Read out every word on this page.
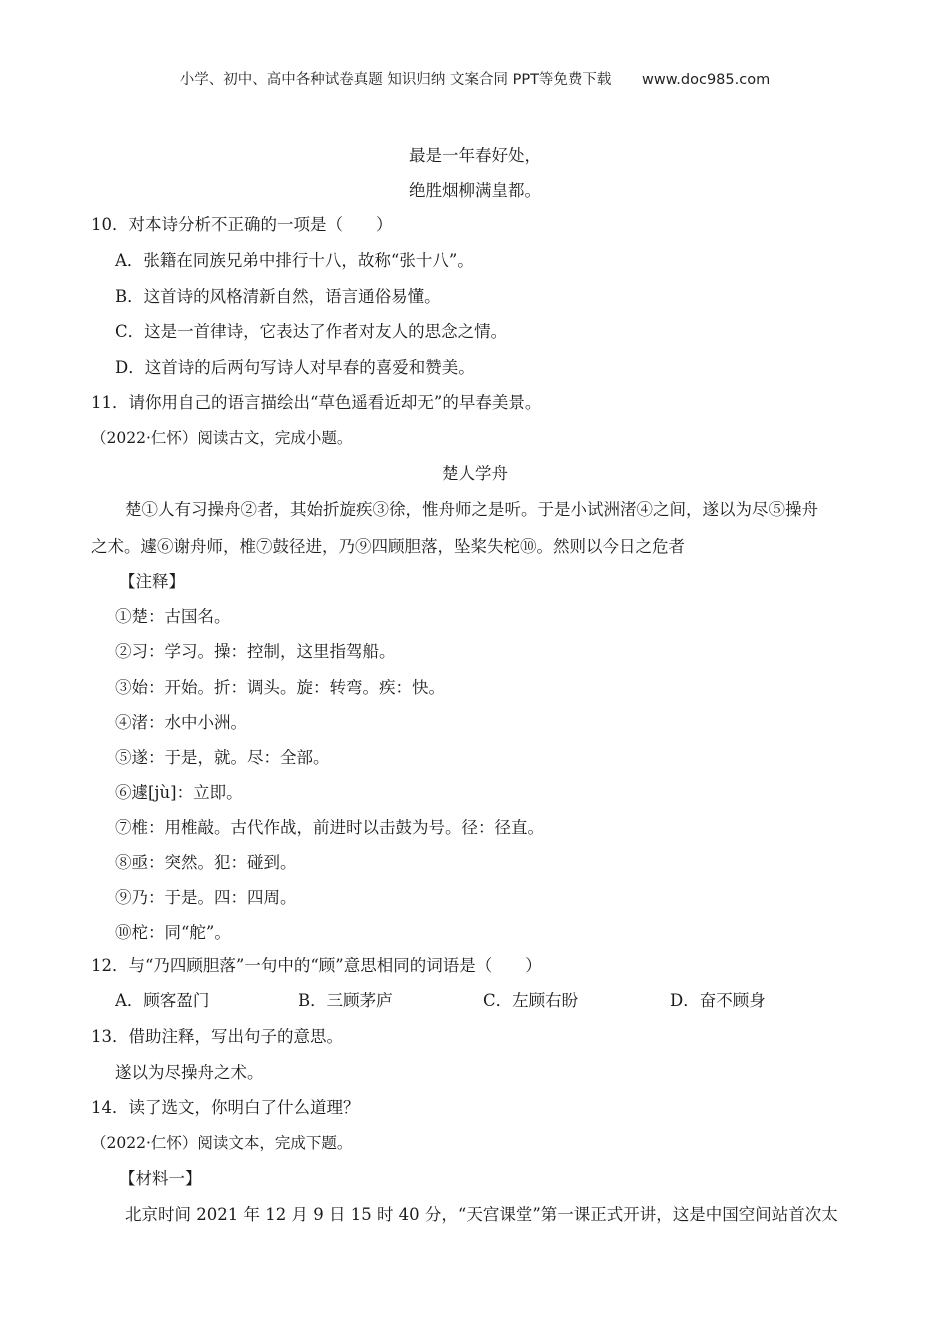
小学、初中、高中各种试卷真题 知识归纳 文案合同 PPT等免费下载 www.doc985.com
最是一年春好处，
绝胜烟柳满皇都。
10．对本诗分析不正确的一项是（　　）
A．张籍在同族兄弟中排行十八，故称“张十八”。
B．这首诗的风格清新自然，语言通俗易懂。
C．这是一首律诗，它表达了作者对友人的思念之情。
D．这首诗的后两句写诗人对早春的喜爱和赞美。
11．请你用自己的语言描绘出“草色遥看近却无”的早春美景。
（2022·仁怀）阅读古文，完成小题。
楚人学舟
楚①人有习操舟②者，其始折旋疾③徐，惟舟师之是听。于是小试洲渚④之间，遂以为尽⑤操舟
之术。遽⑥谢舟师，椎⑦鼓径进，乃⑨四顾胆落，坠桨失柁⑩。然则以今日之危者
【注释】
①楚：古国名。
②习：学习。操：控制，这里指驾船。
③始：开始。折：调头。旋：转弯。疾：快。
④渚：水中小洲。
⑤遂：于是，就。尽：全部。
⑥遽[jù]：立即。
⑦椎：用椎敲。古代作战，前进时以击鼓为号。径：径直。
⑧亟：突然。犯：碰到。
⑨乃：于是。四：四周。
⑩柁：同“舵”。
12．与“乃四顾胆落”一句中的“顾”意思相同的词语是（　　）
A．顾客盈门	B．三顾茅庐	C．左顾右盼	D．奋不顾身
13．借助注释，写出句子的意思。
遂以为尽操舟之术。
14．读了选文，你明白了什么道理？
（2022·仁怀）阅读文本，完成下题。
【材料一】
北京时间 2021 年 12 月 9 日 15 时 40 分，“天宫课堂”第一课正式开讲，这是中国空间站首次太
